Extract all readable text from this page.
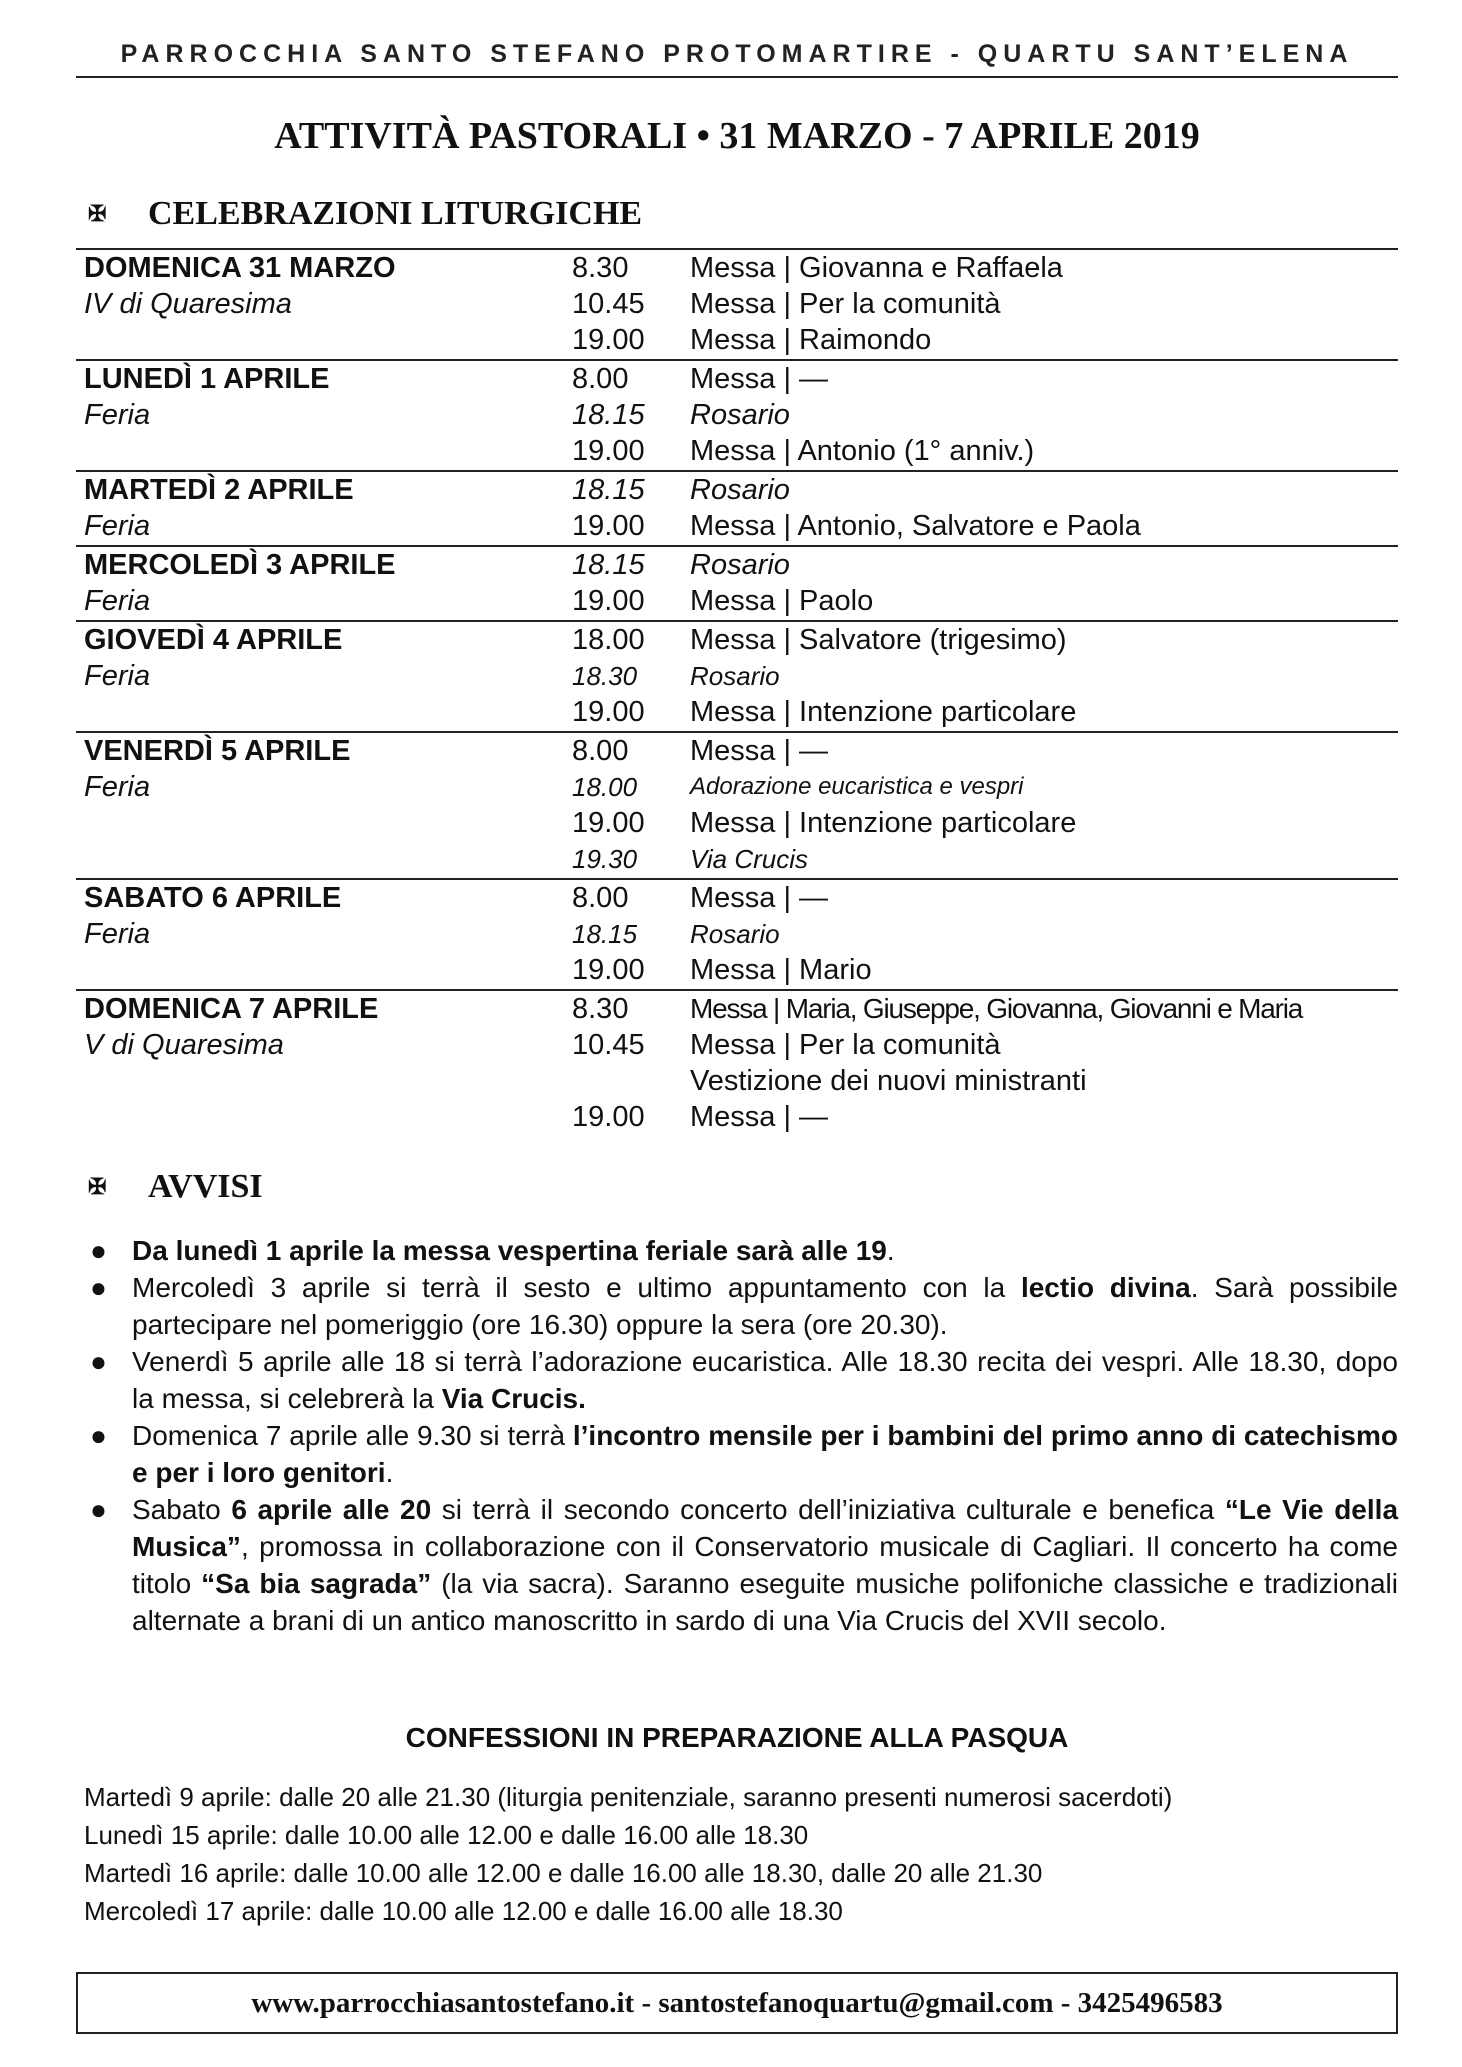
PARROCCHIA SANTO STEFANO PROTOMARTIRE - QUARTU SANT’ELENA
ATTIVITÀ PASTORALI • 31 MARZO - 7 APRILE 2019
✠ CELEBRAZIONI LITURGICHE
DOMENICA 31 MARZO
IV di Quaresima
8.30 Messa | Giovanna e Raffaela
10.45 Messa | Per la comunità
19.00 Messa | Raimondo
LUNEDÌ 1 APRILE
Feria
8.00 Messa | —
18.15 Rosario
19.00 Messa | Antonio (1° anniv.)
MARTEDÌ 2 APRILE
Feria
18.15 Rosario
19.00 Messa | Antonio, Salvatore e Paola
MERCOLEDÌ 3 APRILE
Feria
18.15 Rosario
19.00 Messa | Paolo
GIOVEDÌ 4 APRILE
Feria
18.00 Messa | Salvatore (trigesimo)
18.30 Rosario
19.00 Messa | Intenzione particolare
VENERDÌ 5 APRILE
Feria
8.00 Messa | —
18.00 Adorazione eucaristica e vespri
19.00 Messa | Intenzione particolare
19.30 Via Crucis
SABATO 6 APRILE
Feria
8.00 Messa | —
18.15 Rosario
19.00 Messa | Mario
DOMENICA 7 APRILE
V di Quaresima
8.30 Messa | Maria, Giuseppe, Giovanna, Giovanni e Maria
10.45 Messa | Per la comunità
Vestizione dei nuovi ministranti
19.00 Messa | —
✠ AVVISI
● Da lunedì 1 aprile la messa vespertina feriale sarà alle 19.
● Mercoledì 3 aprile si terrà il sesto e ultimo appuntamento con la lectio divina. Sarà possibile partecipare nel pomeriggio (ore 16.30) oppure la sera (ore 20.30).
● Venerdì 5 aprile alle 18 si terrà l’adorazione eucaristica. Alle 18.30 recita dei vespri. Alle 18.30, dopo la messa, si celebrerà la Via Crucis.
● Domenica 7 aprile alle 9.30 si terrà l’incontro mensile per i bambini del primo anno di catechismo e per i loro genitori.
● Sabato 6 aprile alle 20 si terrà il secondo concerto dell’iniziativa culturale e benefica “Le Vie della Musica”, promossa in collaborazione con il Conservatorio musicale di Cagliari. Il concerto ha come titolo “Sa bia sagrada” (la via sacra). Saranno eseguite musiche polifoniche classiche e tradizionali alternate a brani di un antico manoscritto in sardo di una Via Crucis del XVII secolo.
CONFESSIONI IN PREPARAZIONE ALLA PASQUA
Martedì 9 aprile: dalle 20 alle 21.30 (liturgia penitenziale, saranno presenti numerosi sacerdoti)
Lunedì 15 aprile: dalle 10.00 alle 12.00 e dalle 16.00 alle 18.30
Martedì 16 aprile: dalle 10.00 alle 12.00 e dalle 16.00 alle 18.30, dalle 20 alle 21.30
Mercoledì 17 aprile: dalle 10.00 alle 12.00 e dalle 16.00 alle 18.30
www.parrocchiasantostefano.it - santostefanoquartu@gmail.com - 3425496583
